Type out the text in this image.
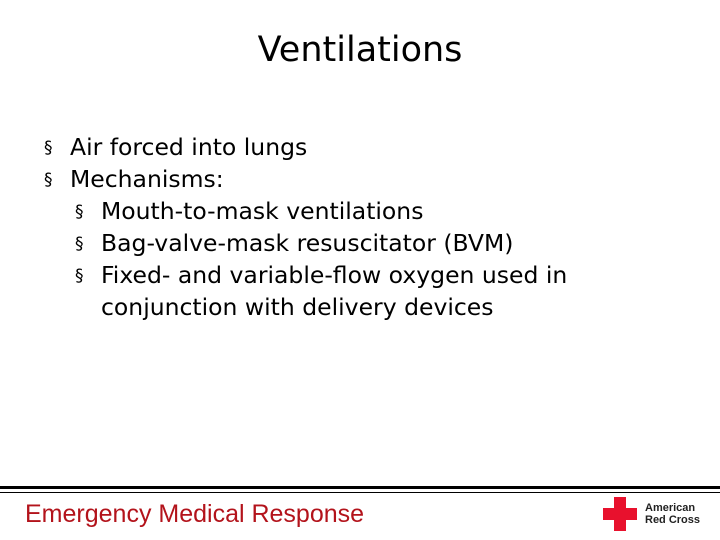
Ventilations
§ Air forced into lungs
§ Mechanisms:
§ Mouth-to-mask ventilations
§ Bag-valve-mask resuscitator (BVM)
§ Fixed- and variable-flow oxygen used in conjunction with delivery devices
Emergency Medical Response	American
Red Cross
